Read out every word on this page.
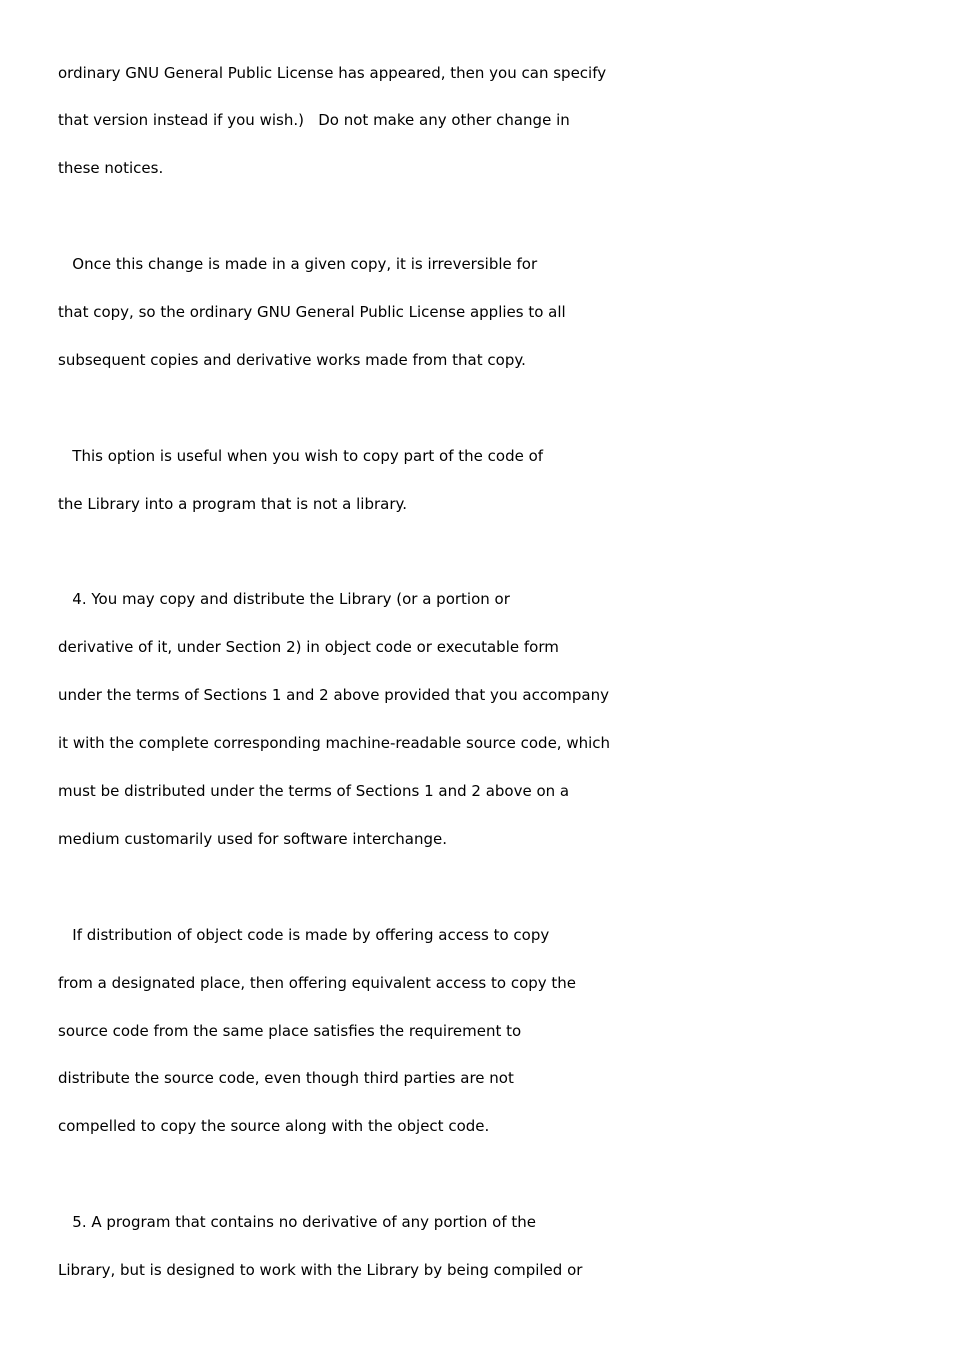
ordinary GNU General Public License has appeared, then you can specify
that version instead if you wish.)   Do not make any other change in
these notices.
Once this change is made in a given copy, it is irreversible for
that copy, so the ordinary GNU General Public License applies to all
subsequent copies and derivative works made from that copy.
This option is useful when you wish to copy part of the code of
the Library into a program that is not a library.
4. You may copy and distribute the Library (or a portion or
derivative of it, under Section 2) in object code or executable form
under the terms of Sections 1 and 2 above provided that you accompany
it with the complete corresponding machine-readable source code, which
must be distributed under the terms of Sections 1 and 2 above on a
medium customarily used for software interchange.
If distribution of object code is made by offering access to copy
from a designated place, then offering equivalent access to copy the
source code from the same place satisfies the requirement to
distribute the source code, even though third parties are not
compelled to copy the source along with the object code.
5. A program that contains no derivative of any portion of the
Library, but is designed to work with the Library by being compiled or
